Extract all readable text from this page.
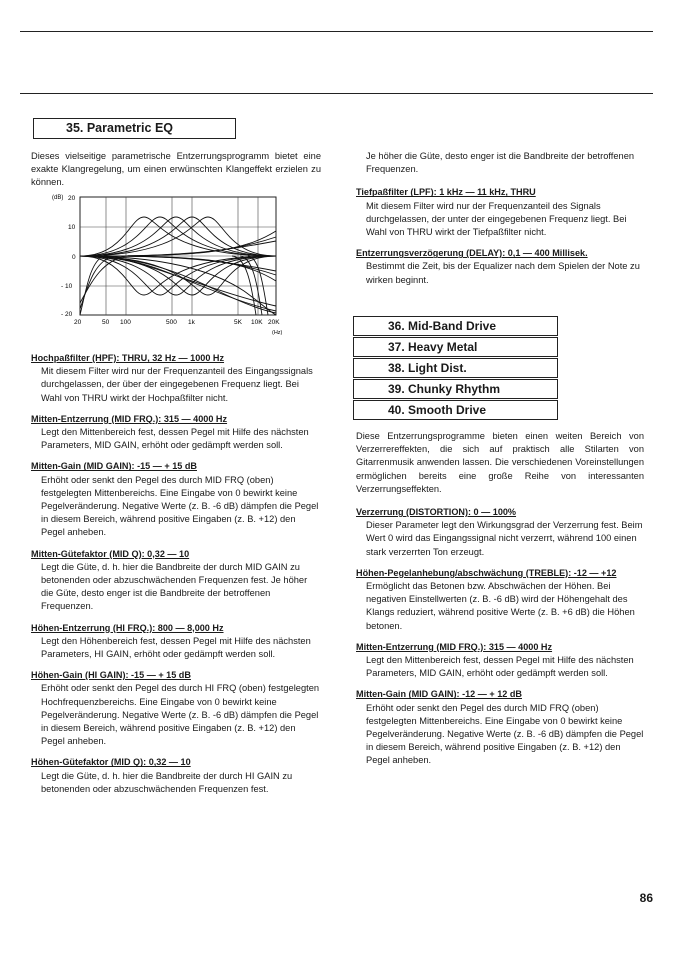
35. Parametric EQ

Dieses vielseitige parametrische Entzerrungsprogramm bietet eine exakte Klangregelung, um einen erwünschten Klangeffekt erzielen zu können.

(dB) 20
10
0
- 10
- 20
20	50 100	500 1k	5K 10K 20K
(Hz)

Hochpaßfilter (HPF): THRU, 32 Hz — 1000 Hz

Mit diesem Filter wird nur der Frequenzanteil des Eingangssignals durchgelassen, der über der eingegebenen Frequenz liegt. Bei Wahl von THRU wirkt der Hochpaßfilter nicht.

Mitten-Entzerrung (MID FRQ.): 315 — 4000 Hz

Legt den Mittenbereich fest, dessen Pegel mit Hilfe des nächsten Parameters, MID GAIN, erhöht oder gedämpft werden soll.

Mitten-Gain (MID GAIN): -15 — + 15 dB

Erhöht oder senkt den Pegel des durch MID FRQ (oben) festgelegten Mittenbereichs. Eine Eingabe von 0 bewirkt keine Pegelveränderung. Negative Werte (z. B. -6 dB) dämpfen die Pegel in diesem Bereich, während positive Eingaben (z. B. +12) den Pegel anheben.

Mitten-Gütefaktor (MID Q): 0,32 — 10

Legt die Güte, d. h. hier die Bandbreite der durch MID GAIN zu betonenden oder abzuschwächenden Frequenzen fest. Je höher die Güte, desto enger ist die Bandbreite der betroffenen Frequenzen.

Höhen-Entzerrung (HI FRQ.): 800 — 8,000 Hz

Legt den Höhenbereich fest, dessen Pegel mit Hilfe des nächsten Parameters, HI GAIN, erhöht oder gedämpft werden soll.

Höhen-Gain (HI GAIN): -15 — + 15 dB

Erhöht oder senkt den Pegel des durch HI FRQ (oben) festgelegten Hochfrequenzbereichs. Eine Eingabe von 0 bewirkt keine Pegelveränderung. Negative Werte (z. B. -6 dB) dämpfen die Pegel in diesem Bereich, während positive Eingaben (z. B. +12) den Pegel anheben.

Höhen-Gütefaktor (MID Q): 0,32 — 10

Legt die Güte, d. h. hier die Bandbreite der durch HI GAIN zu betonenden oder abzuschwächenden Frequenzen fest.

Je höher die Güte, desto enger ist die Bandbreite der betroffenen Frequenzen.

Tiefpaßfilter (LPF): 1 kHz — 11 kHz, THRU

Mit diesem Filter wird nur der Frequenzanteil des Signals durchgelassen, der unter der eingegebenen Frequenz liegt. Bei Wahl von THRU wirkt der Tiefpaßfilter nicht.

Entzerrungsverzögerung (DELAY): 0,1 — 400 Millisek.

Bestimmt die Zeit, bis der Equalizer nach dem Spielen der Note zu wirken beginnt.

36. Mid-Band Drive
37. Heavy Metal
38. Light Dist.
39. Chunky Rhythm
40. Smooth Drive

Diese Entzerrungsprogramme bieten einen weiten Bereich von Verzerrereffekten, die sich auf praktisch alle Stilarten von Gitarrenmusik anwenden lassen. Die verschiedenen Voreinstellungen ermöglichen bereits eine große Reihe von interessanten Verzerrungseffekten.

Verzerrung (DISTORTION): 0 — 100%

Dieser Parameter legt den Wirkungsgrad der Verzerrung fest. Beim Wert 0 wird das Eingangssignal nicht verzerrt, während 100 einen stark verzerrten Ton erzeugt.

Höhen-Pegelanhebung/abschwächung (TREBLE): -12 — +12

Ermöglicht das Betonen bzw. Abschwächen der Höhen. Bei negativen Einstellwerten (z. B. -6 dB) wird der Höhengehalt des Klangs reduziert, während positive Werte (z. B. +6 dB) die Höhen betonen.

Mitten-Entzerrung (MID FRQ.): 315 — 4000 Hz

Legt den Mittenbereich fest, dessen Pegel mit Hilfe des nächsten Parameters, MID GAIN, erhöht oder gedämpft werden soll.

Mitten-Gain (MID GAIN): -12 — + 12 dB

Erhöht oder senkt den Pegel des durch MID FRQ (oben) festgelegten Mittenbereichs. Eine Eingabe von 0 bewirkt keine Pegelveränderung. Negative Werte (z. B. -6 dB) dämpfen die Pegel in diesem Bereich, während positive Eingaben (z. B. +12) den Pegel anheben.

86
